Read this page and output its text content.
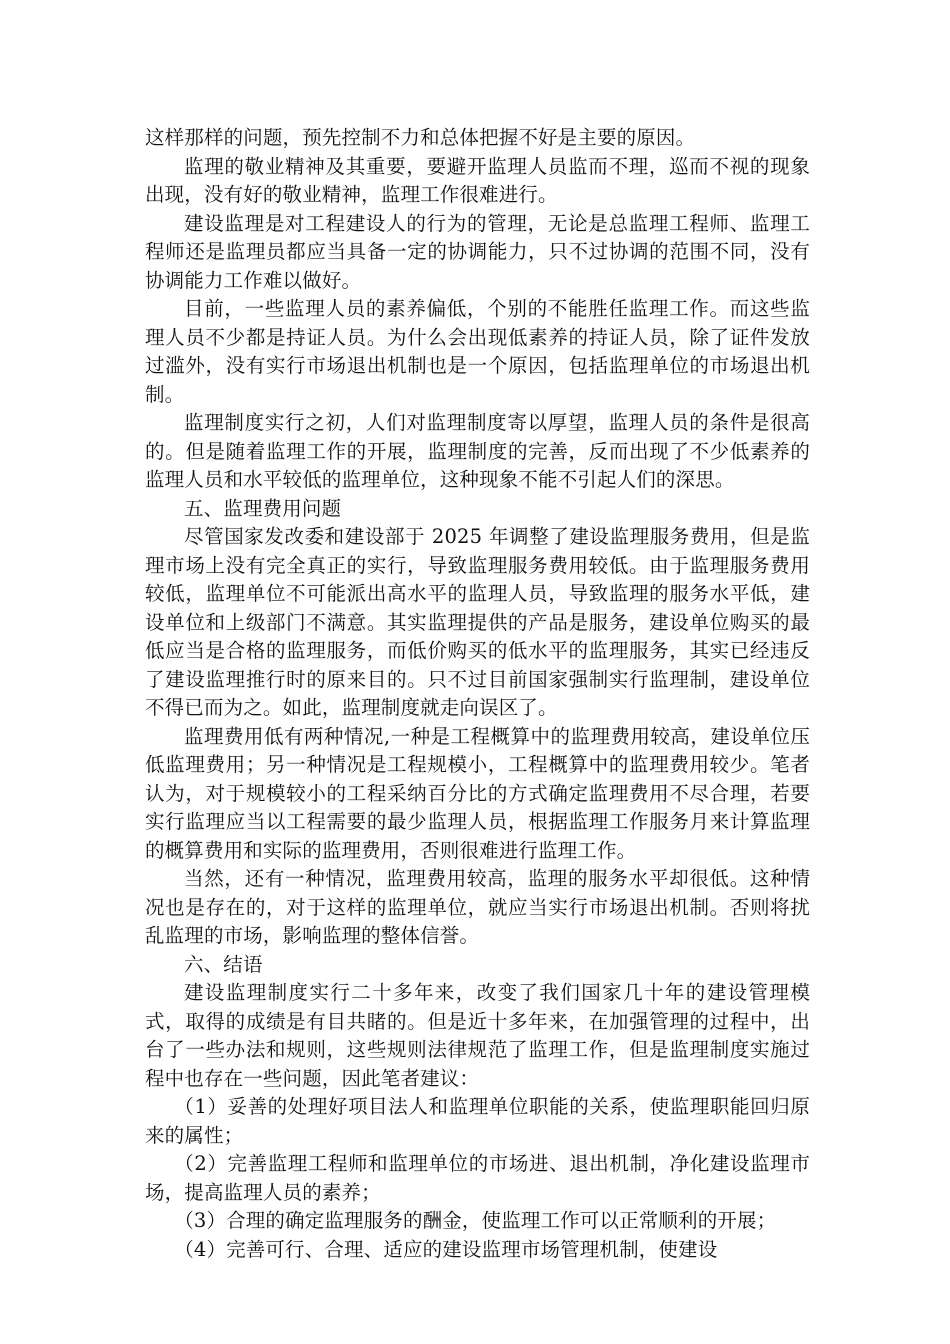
这样那样的问题，预先控制不力和总体把握不好是主要的原因。

监理的敬业精神及其重要，要避开监理人员监而不理，巡而不视的现象出现，没有好的敬业精神，监理工作很难进行。

建设监理是对工程建设人的行为的管理，无论是总监理工程师、监理工程师还是监理员都应当具备一定的协调能力，只不过协调的范围不同，没有协调能力工作难以做好。

目前，一些监理人员的素养偏低，个别的不能胜任监理工作。而这些监理人员不少都是持证人员。为什么会出现低素养的持证人员，除了证件发放过滥外，没有实行市场退出机制也是一个原因，包括监理单位的市场退出机制。

监理制度实行之初，人们对监理制度寄以厚望，监理人员的条件是很高的。但是随着监理工作的开展，监理制度的完善，反而出现了不少低素养的监理人员和水平较低的监理单位，这种现象不能不引起人们的深思。

五、监理费用问题

尽管国家发改委和建设部于 2025 年调整了建设监理服务费用，但是监理市场上没有完全真正的实行，导致监理服务费用较低。由于监理服务费用较低，监理单位不可能派出高水平的监理人员，导致监理的服务水平低，建设单位和上级部门不满意。其实监理提供的产品是服务，建设单位购买的最低应当是合格的监理服务，而低价购买的低水平的监理服务，其实已经违反了建设监理推行时的原来目的。只不过目前国家强制实行监理制，建设单位不得已而为之。如此，监理制度就走向误区了。

监理费用低有两种情况,一种是工程概算中的监理费用较高，建设单位压低监理费用；另一种情况是工程规模小，工程概算中的监理费用较少。笔者认为，对于规模较小的工程采纳百分比的方式确定监理费用不尽合理，若要实行监理应当以工程需要的最少监理人员，根据监理工作服务月来计算监理的概算费用和实际的监理费用，否则很难进行监理工作。

当然，还有一种情况，监理费用较高，监理的服务水平却很低。这种情况也是存在的，对于这样的监理单位，就应当实行市场退出机制。否则将扰乱监理的市场，影响监理的整体信誉。

六、结语

建设监理制度实行二十多年来，改变了我们国家几十年的建设管理模式，取得的成绩是有目共睹的。但是近十多年来，在加强管理的过程中，出台了一些办法和规则，这些规则法律规范了监理工作，但是监理制度实施过程中也存在一些问题，因此笔者建议：

（1）妥善的处理好项目法人和监理单位职能的关系，使监理职能回归原来的属性；

（2）完善监理工程师和监理单位的市场进、退出机制，净化建设监理市场，提高监理人员的素养；

（3）合理的确定监理服务的酬金，使监理工作可以正常顺利的开展；

（4）完善可行、合理、适应的建设监理市场管理机制，使建设
